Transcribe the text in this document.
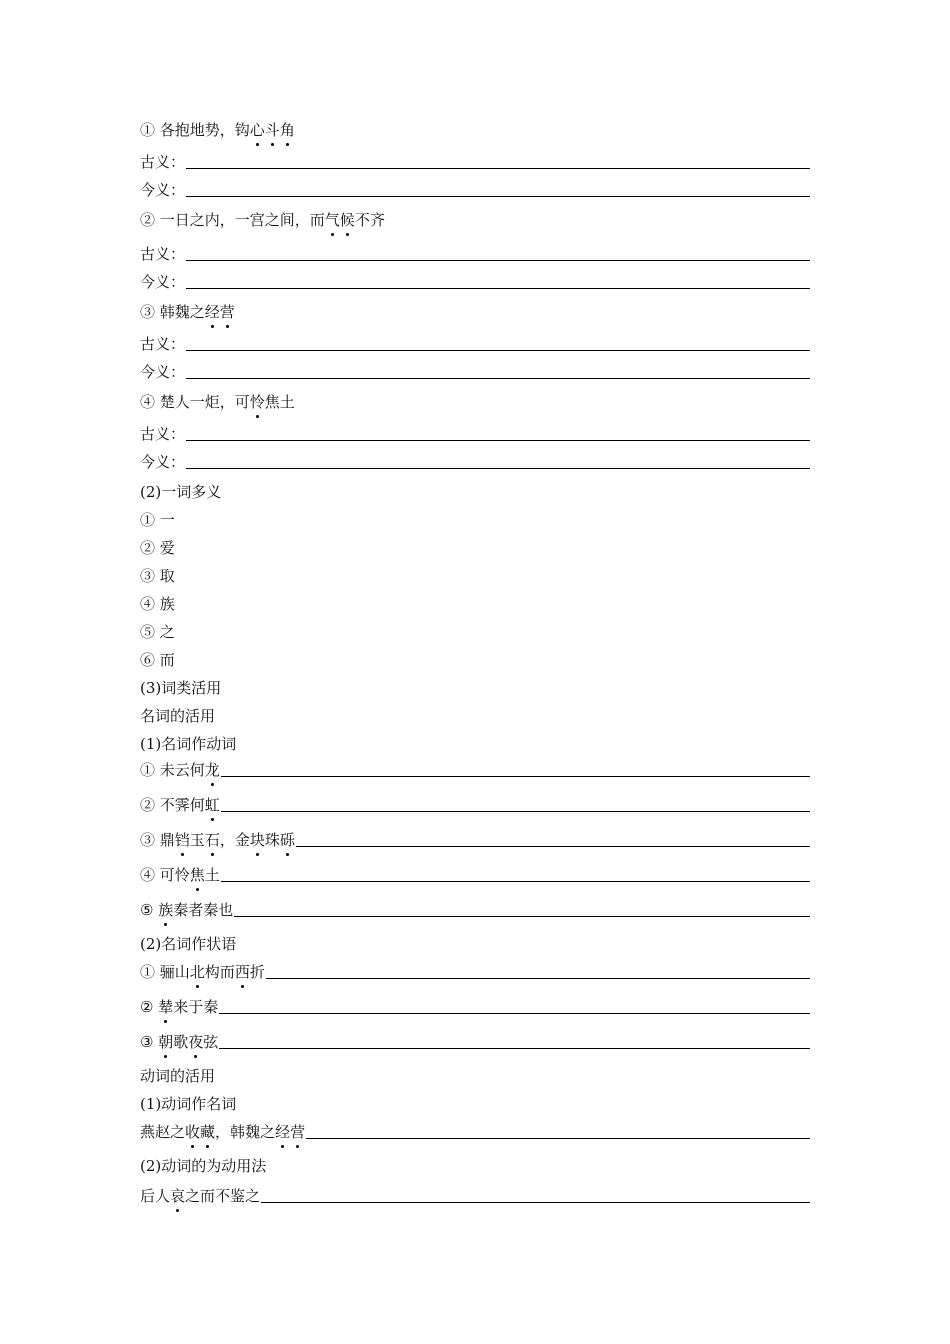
① 各抱地势，钩心斗角
古义：
今义：
② 一日之内，一宫之间，而气候不齐
古义：
今义：
③ 韩魏之经营
古义：
今义：
④ 楚人一炬，可怜焦土
古义：
今义：
(2)一词多义
① 一
② 爱
③ 取
④ 族
⑤ 之
⑥ 而
(3)词类活用
名词的活用
(1)名词作动词
① 未云何龙
② 不霁何虹
③ 鼎铛玉石，金块珠砾
④ 可怜焦土
⑤ 族秦者秦也
(2)名词作状语
① 骊山北构而西折
② 辇来于秦
③ 朝歌夜弦
动词的活用
(1)动词作名词
燕赵之收藏，韩魏之经营
(2)动词的为动用法
后人哀之而不鉴之
